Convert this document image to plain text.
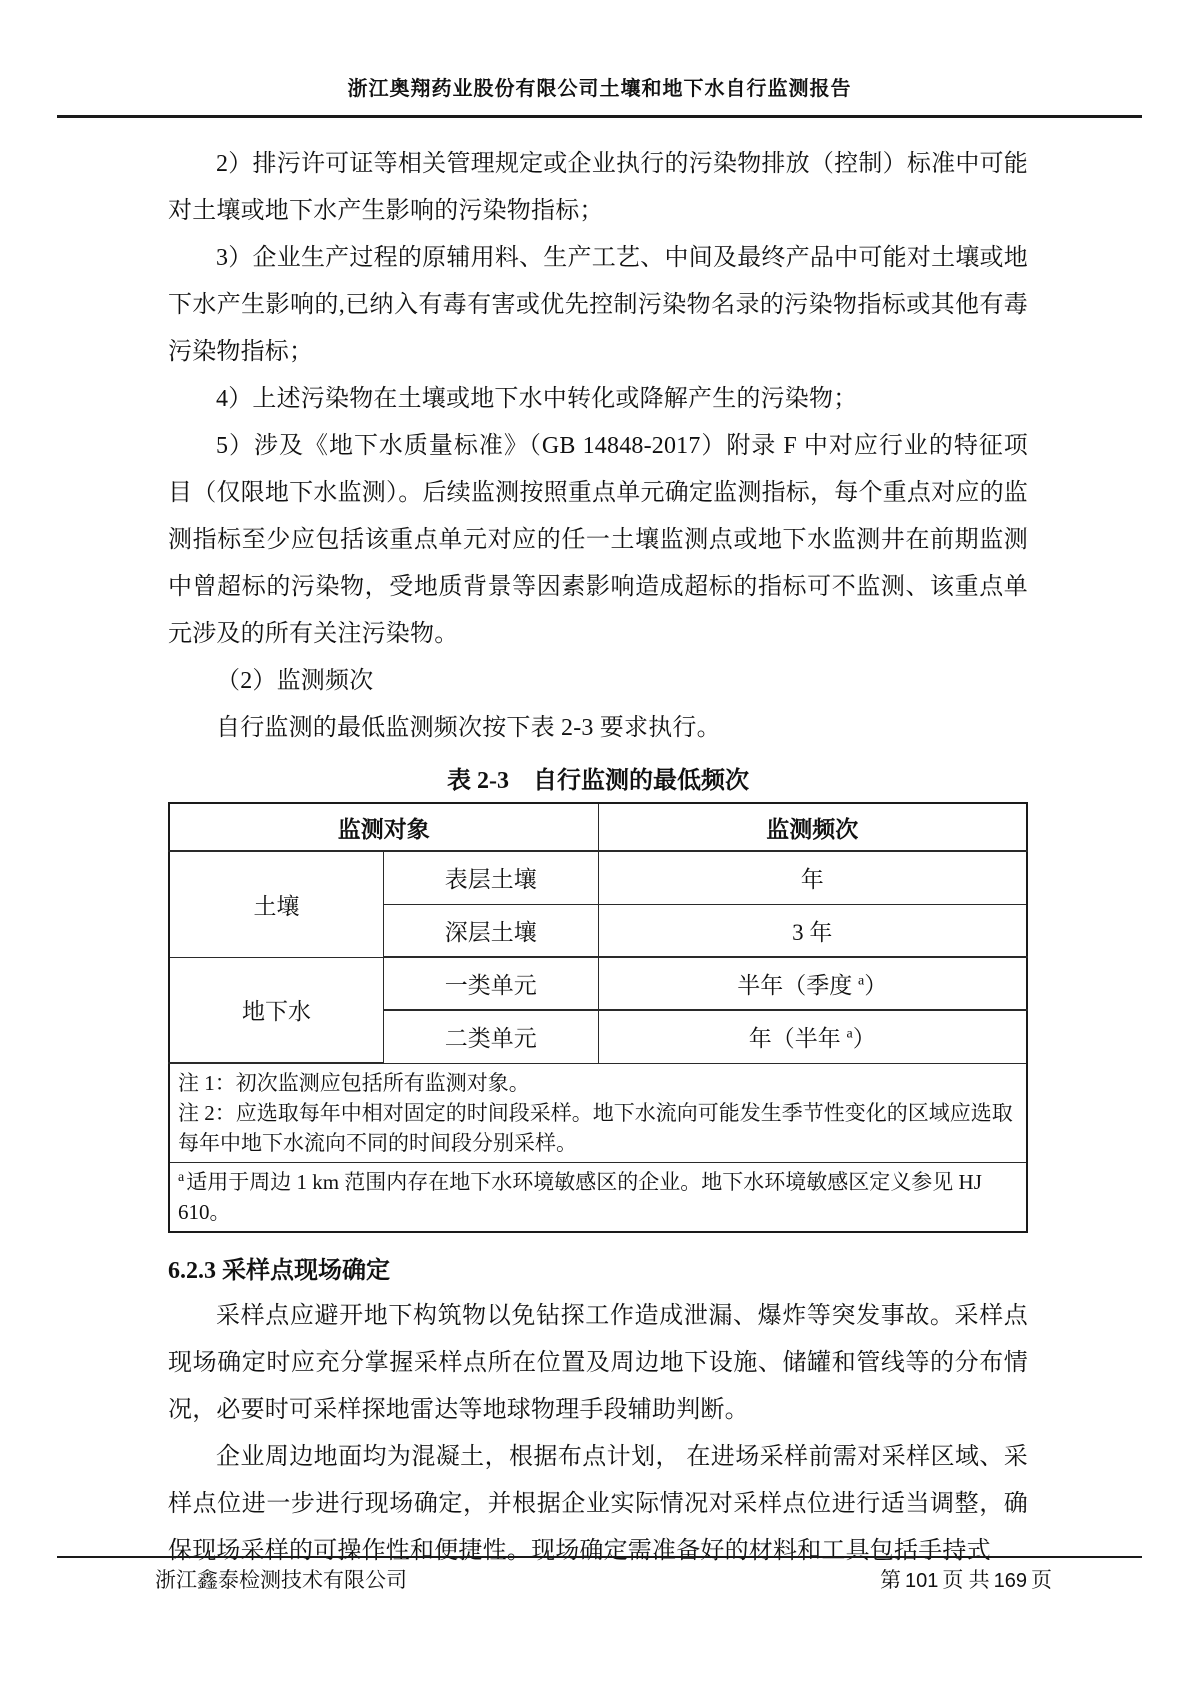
浙江奥翔药业股份有限公司土壤和地下水自行监测报告

2）排污许可证等相关管理规定或企业执行的污染物排放（控制）标准中可能对土壤或地下水产生影响的污染物指标；

3）企业生产过程的原辅用料、生产工艺、中间及最终产品中可能对土壤或地下水产生影响的,已纳入有毒有害或优先控制污染物名录的污染物指标或其他有毒污染物指标；

4）上述污染物在土壤或地下水中转化或降解产生的污染物；

5）涉及《地下水质量标准》（GB 14848-2017）附录 F 中对应行业的特征项目（仅限地下水监测）。后续监测按照重点单元确定监测指标，每个重点对应的监测指标至少应包括该重点单元对应的任一土壤监测点或地下水监测井在前期监测中曾超标的污染物，受地质背景等因素影响造成超标的指标可不监测、该重点单元涉及的所有关注污染物。

（2）监测频次

自行监测的最低监测频次按下表 2-3 要求执行。

表 2-3　自行监测的最低频次
监测对象		监测频次
土壤	表层土壤	年
	深层土壤	3 年
地下水	一类单元	半年（季度 $^a$）
	二类单元	年（半年 $^a$）

注 1：初次监测应包括所有监测对象。
注 2：应选取每年中相对固定的时间段采样。地下水流向可能发生季节性变化的区域应选取每年中地下水流向不同的时间段分别采样。		

$^a$适用于周边 1 km 范围内存在地下水环境敏感区的企业。地下水环境敏感区定义参见 HJ 610。		
6.2.3 采样点现场确定

采样点应避开地下构筑物以免钻探工作造成泄漏、爆炸等突发事故。采样点现场确定时应充分掌握采样点所在位置及周边地下设施、储罐和管线等的分布情况，必要时可采样探地雷达等地球物理手段辅助判断。

企业周边地面均为混凝土，根据布点计划， 在进场采样前需对采样区域、采样点位进一步进行现场确定，并根据企业实际情况对采样点位进行适当调整，确保现场采样的可操作性和便捷性。现场确定需准备好的材料和工具包括手持式

浙江鑫泰检测技术有限公司	第 101 页 共 169 页
